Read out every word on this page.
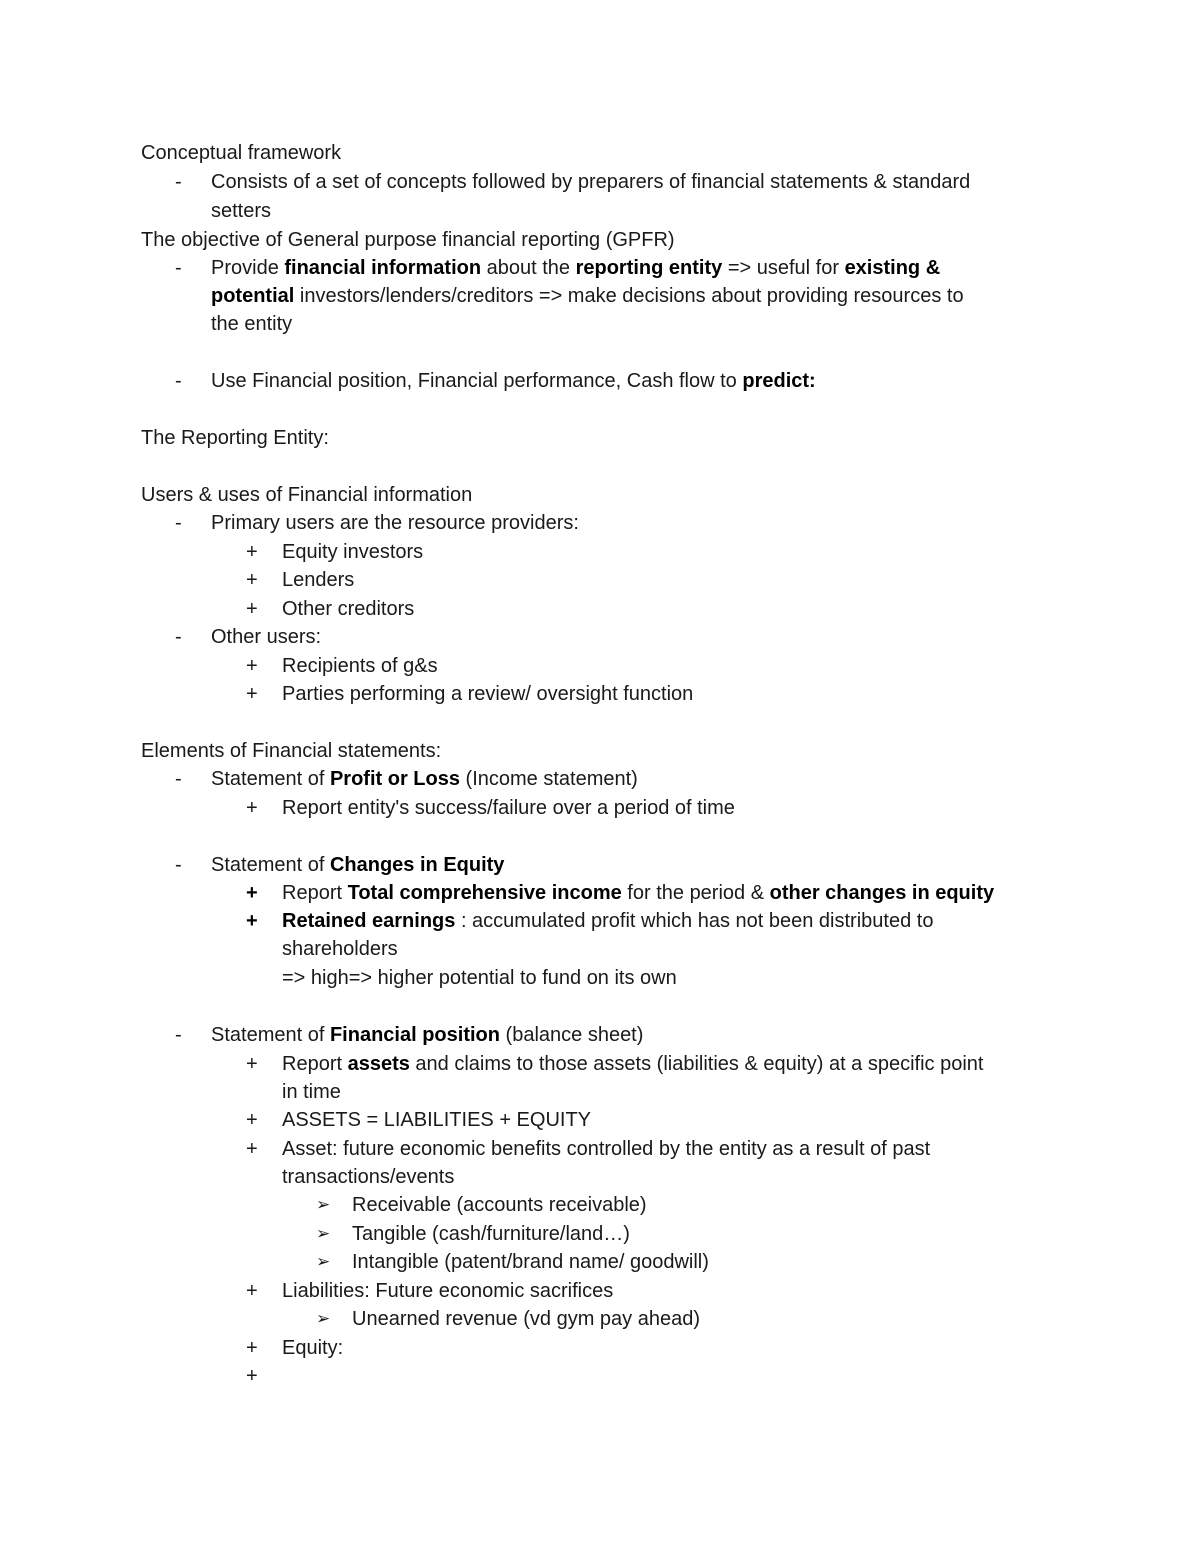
Conceptual framework
- Consists of a set of concepts followed by preparers of financial statements & standard
setters
The objective of General purpose financial reporting (GPFR)
- Provide financial information about the reporting entity => useful for existing &
potential investors/lenders/creditors => make decisions about providing resources to
the entity
- Use Financial position, Financial performance, Cash flow to predict:
The Reporting Entity:
Users & uses of Financial information
- Primary users are the resource providers:
+ Equity investors
+ Lenders
+ Other creditors
- Other users:
+ Recipients of g&s
+ Parties performing a review/ oversight function
Elements of Financial statements:
- Statement of Profit or Loss (Income statement)
+ Report entity's success/failure over a period of time
- Statement of Changes in Equity
+ Report Total comprehensive income for the period & other changes in equity
+ Retained earnings : accumulated profit which has not been distributed to
shareholders
=> high=> higher potential to fund on its own
- Statement of Financial position (balance sheet)
+ Report assets and claims to those assets (liabilities & equity) at a specific point
in time
+ ASSETS = LIABILITIES + EQUITY
+ Asset: future economic benefits controlled by the entity as a result of past
transactions/events
➢ Receivable (accounts receivable)
➢ Tangible (cash/furniture/land…)
➢ Intangible (patent/brand name/ goodwill)
+ Liabilities: Future economic sacrifices
➢ Unearned revenue (vd gym pay ahead)
+ Equity:
+
